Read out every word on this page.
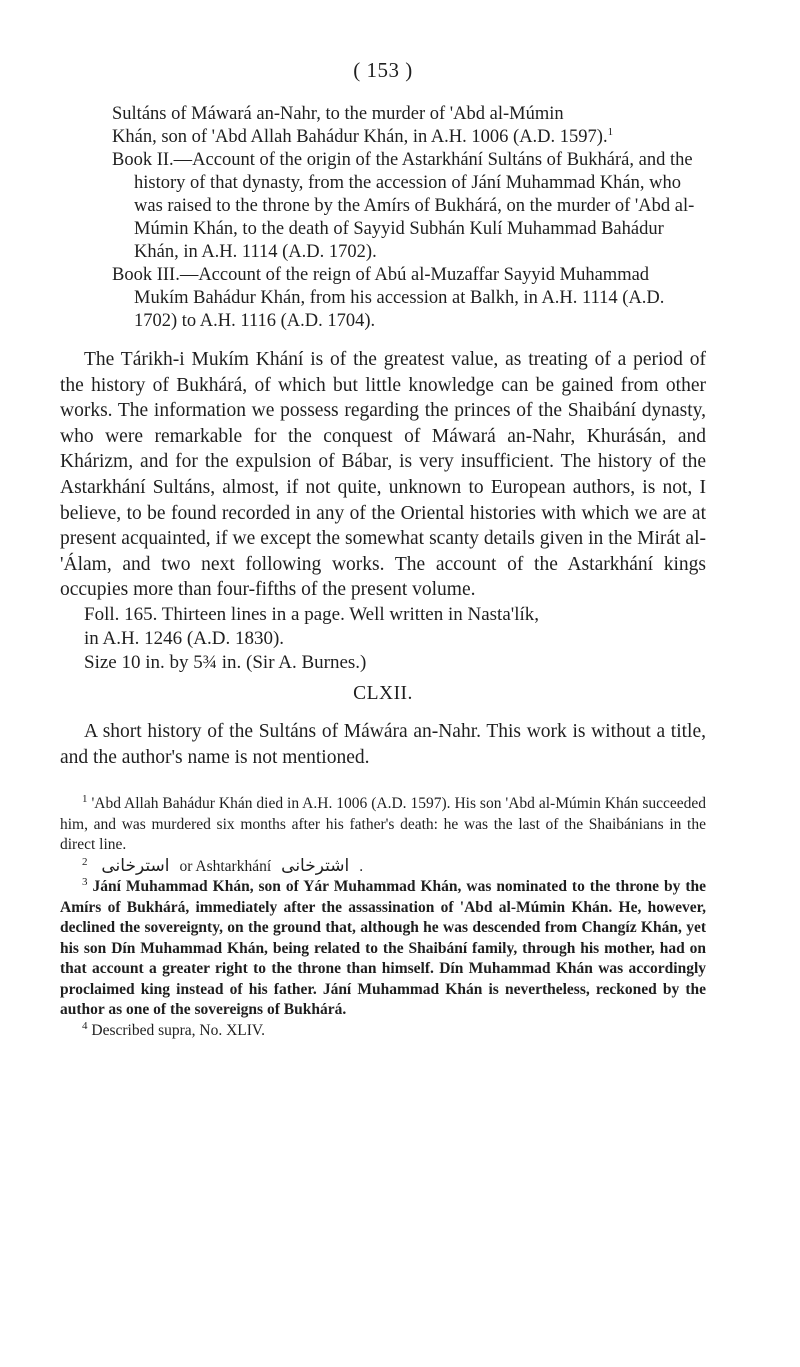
( 153 )

Sultáns of Máwará an-Nahr, to the murder of 'Abd al-Múmin

Khán, son of 'Abd Allah Bahádur Khán, in A.H. 1006 (A.D. 1597).$^1$

Book II.—Account of the origin of the Astarkhání Sultáns of Bukhárá, and the history of that dynasty, from the accession of Jání Muhammad Khán, who was raised to the throne by the Amírs of Bukhárá, on the murder of 'Abd al-Múmin Khán, to the death of Sayyid Subhán Kulí Muhammad Bahádur Khán, in A.H. 1114 (A.D. 1702).

Book III.—Account of the reign of Abú al-Muzaffar Sayyid Muhammad Mukím Bahádur Khán, from his accession at Balkh, in A.H. 1114 (A.D. 1702) to A.H. 1116 (A.D. 1704).

The Tárikh-i Mukím Khání is of the greatest value, as treating of a period of the history of Bukhárá, of which but little knowledge can be gained from other works. The information we possess regarding the princes of the Shaibání dynasty, who were remarkable for the conquest of Máwará an-Nahr, Khurásán, and Khárizm, and for the expulsion of Bábar, is very insufficient. The history of the Astarkhání Sultáns, almost, if not quite, unknown to European authors, is not, I believe, to be found recorded in any of the Oriental histories with which we are at present acquainted, if we except the somewhat scanty details given in the Mirát al-'Álam, and two next following works. The account of the Astarkhání kings occupies more than four-fifths of the present volume.

Foll. 165. Thirteen lines in a page. Well written in Nasta'lík,

in A.H. 1246 (A.D. 1830).

Size 10 in. by 5¾ in. (Sir A. Burnes.)

CLXII.

A short history of the Sultáns of Máwára an-Nahr. This work is without a title, and the author's name is not mentioned.

$^1$ 'Abd Allah Bahádur Khán died in A.H. 1006 (A.D. 1597). His son 'Abd al-Múmin Khán succeeded him, and was murdered six months after his father's death: he was the last of the Shaibánians in the direct line.

$^2$ استرخانی or Ashtarkhání اشترخانی .

$^3$ Jání Muhammad Khán, son of Yár Muhammad Khán, was nominated to the throne by the Amírs of Bukhárá, immediately after the assassination of 'Abd al-Múmin Khán. He, however, declined the sovereignty, on the ground that, although he was descended from Changíz Khán, yet his son Dín Muhammad Khán, being related to the Shaibání family, through his mother, had on that account a greater right to the throne than himself. Dín Muhammad Khán was accordingly proclaimed king instead of his father. Jání Muhammad Khán is nevertheless, reckoned by the author as one of the sovereigns of Bukhárá.

$^4$ Described supra, No. XLIV.
